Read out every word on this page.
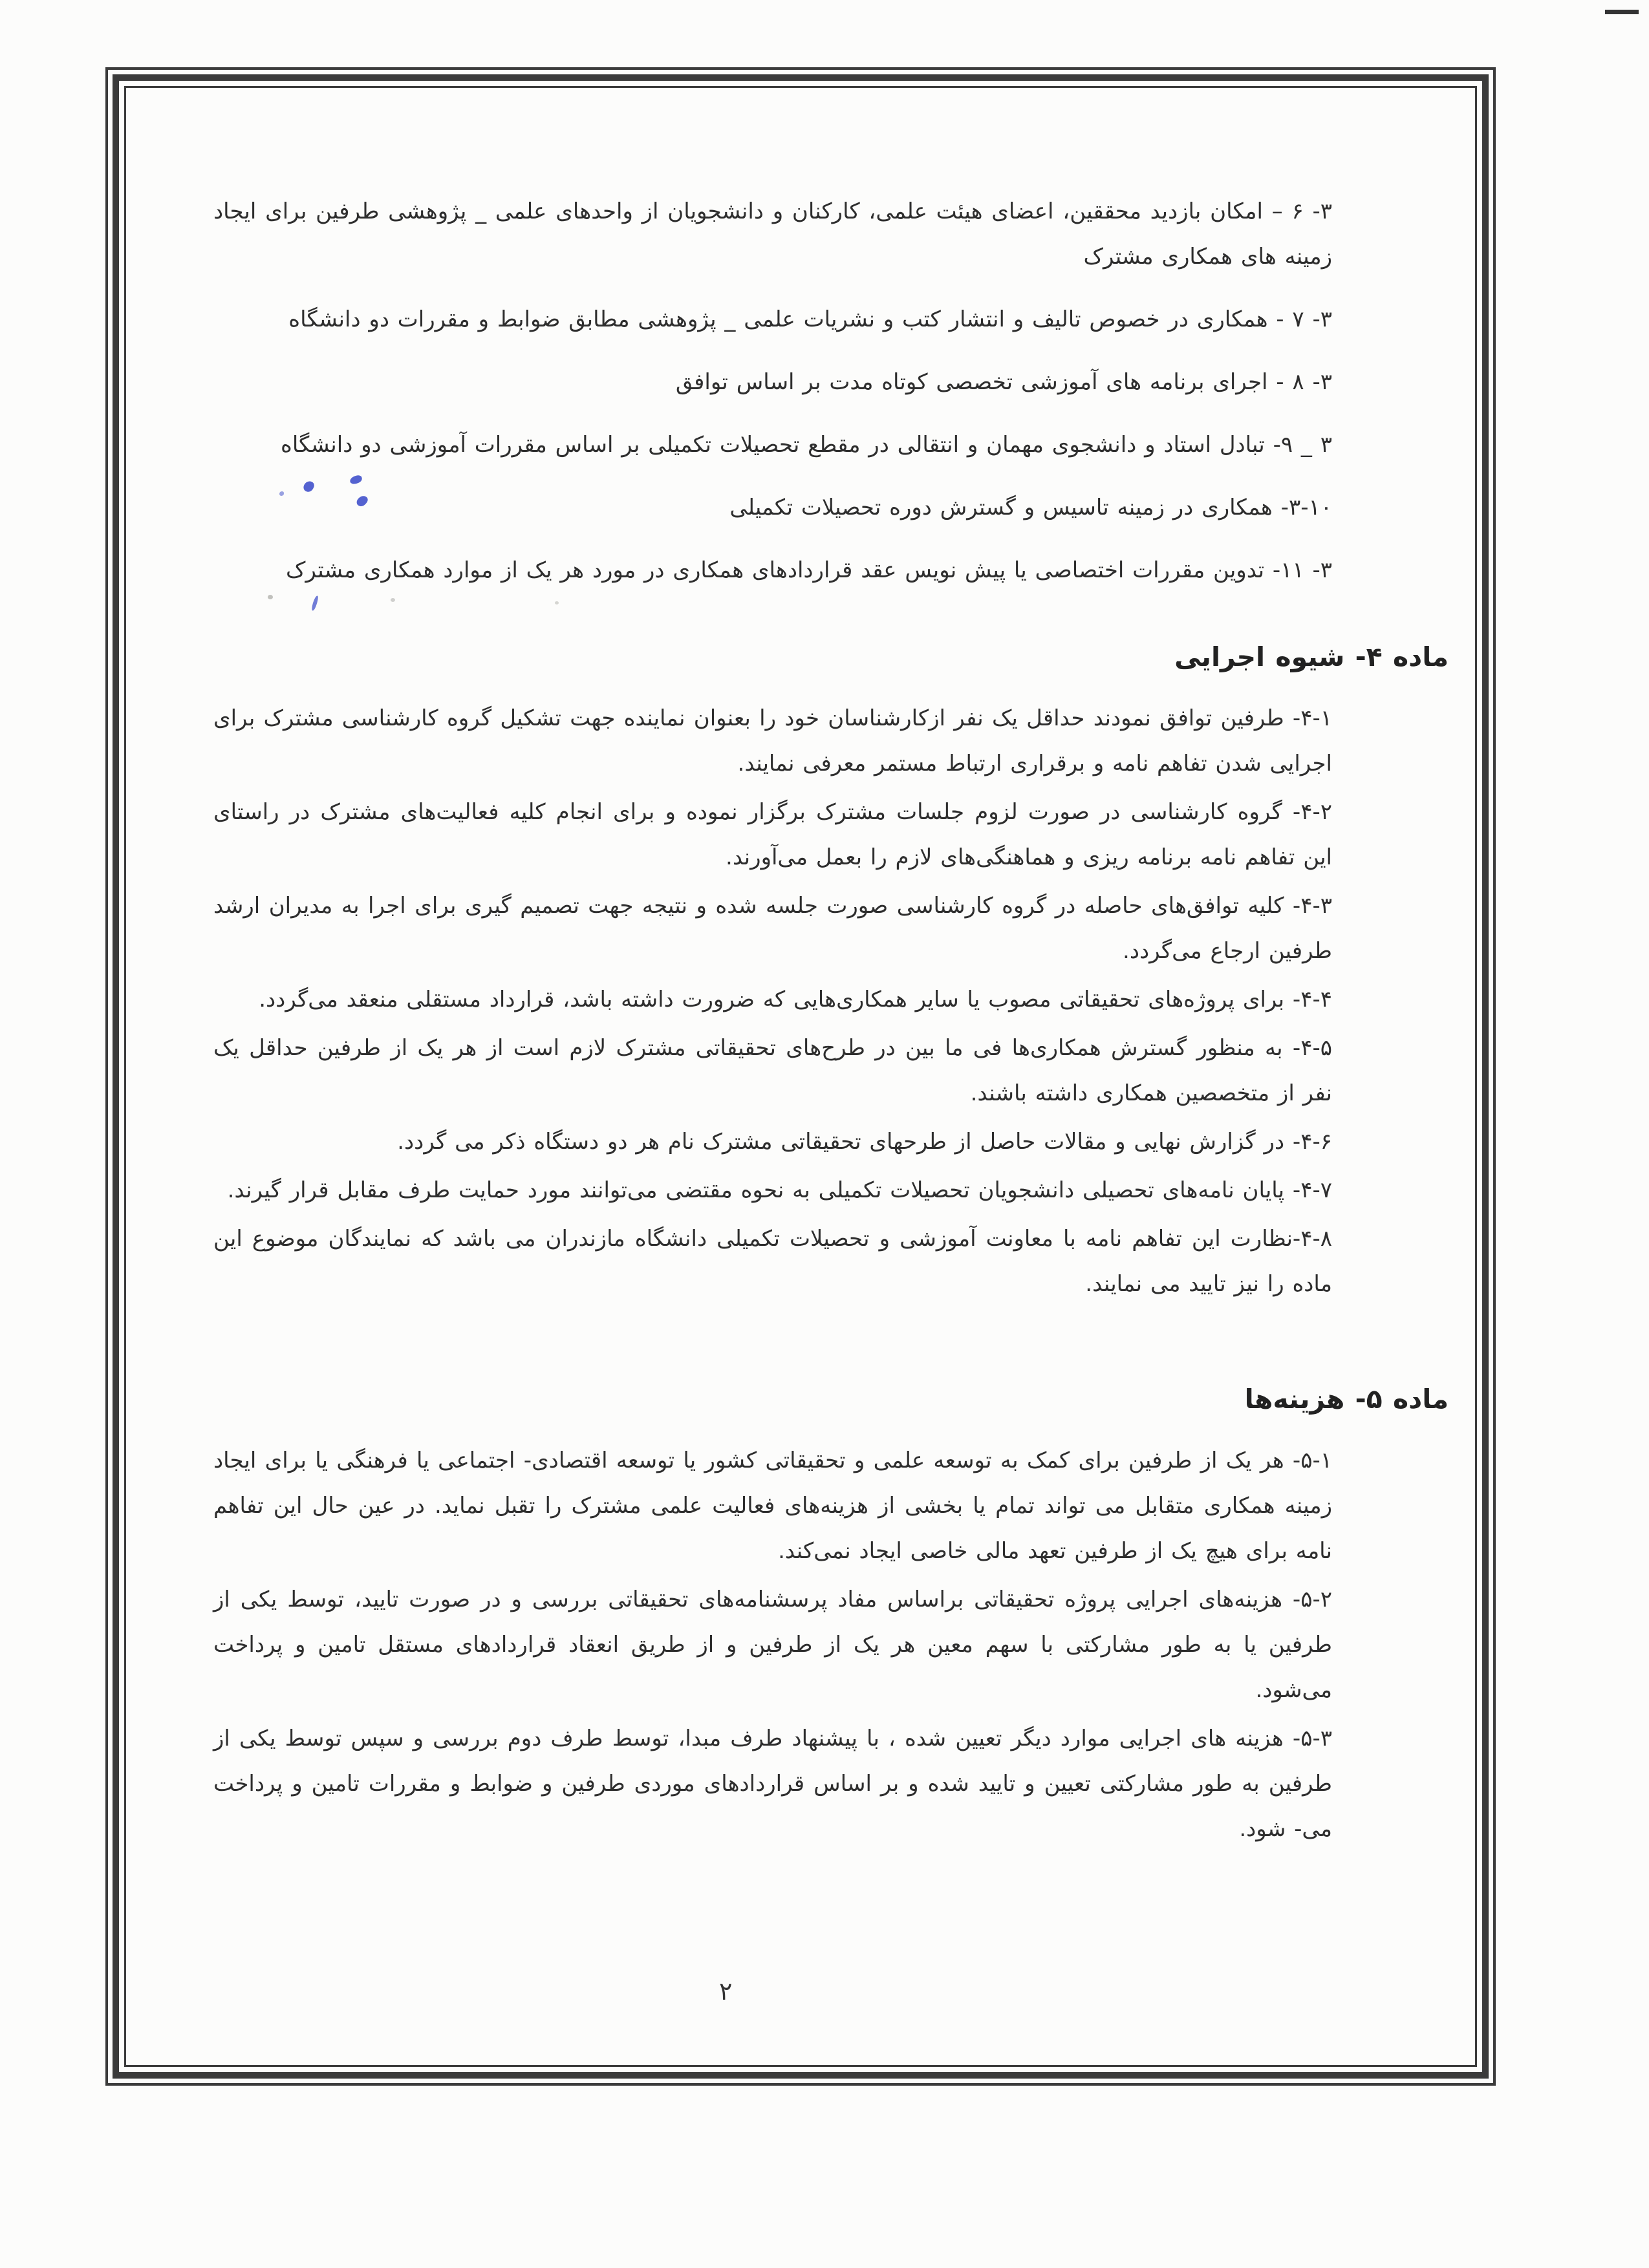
۳- ۶ – امکان بازدید محققین، اعضای هیئت علمی، کارکنان و دانشجویان از واحدهای علمی _ پژوهشی طرفین برای ایجاد زمینه های همکاری مشترک

۳- ۷ - همکاری در خصوص تالیف و انتشار کتب و نشریات علمی _ پژوهشی مطابق ضوابط و مقررات دو دانشگاه

۳- ۸ - اجرای برنامه های آموزشی تخصصی کوتاه مدت بر اساس توافق

۳ _ ۹- تبادل استاد و دانشجوی مهمان و انتقالی در مقطع تحصیلات تکمیلی بر اساس مقررات آموزشی دو دانشگاه

۳-۱۰- همکاری در زمینه تاسیس و گسترش دوره تحصیلات تکمیلی

۳- ۱۱- تدوین مقررات اختصاصی یا پیش نویس عقد قراردادهای همکاری در مورد هر یک از موارد همکاری مشترک

ماده ۴- شیوه اجرایی

۴-۱- طرفین توافق نمودند حداقل یک نفر ازکارشناسان خود را بعنوان نماینده جهت تشکیل گروه کارشناسی مشترک برای اجرایی شدن تفاهم نامه و برقراری ارتباط مستمر معرفی نمایند.

۴-۲- گروه کارشناسی در صورت لزوم جلسات مشترک برگزار نموده و برای انجام کلیه فعالیت‌های مشترک در راستای این تفاهم نامه برنامه ریزی و هماهنگی‌های لازم را بعمل می‌آورند.

۴-۳- کلیه توافق‌های حاصله در گروه کارشناسی صورت جلسه شده و نتیجه جهت تصمیم گیری برای اجرا به مدیران ارشد طرفین ارجاع می‌گردد.

۴-۴- برای پروژه‌های تحقیقاتی مصوب یا سایر همکاری‌هایی که ضرورت داشته باشد، قرارداد مستقلی منعقد می‌گردد.

۴-۵- به منظور گسترش همکاری‌ها فی ما بین در طرح‌های تحقیقاتی مشترک لازم است از هر یک از طرفین حداقل یک نفر از متخصصین همکاری داشته باشند.

۴-۶- در گزارش نهایی و مقالات حاصل از طرحهای تحقیقاتی مشترک نام هر دو دستگاه ذکر می گردد.

۴-۷- پایان نامه‌های تحصیلی دانشجویان تحصیلات تکمیلی به نحوه مقتضی می‌توانند مورد حمایت طرف مقابل قرار گیرند.

۴-۸-نظارت این تفاهم نامه با معاونت آموزشی و تحصیلات تکمیلی دانشگاه مازندران می باشد که نمایندگان موضوع این ماده را نیز تایید می نمایند.

ماده ۵- هزینه‌ها

۵-۱- هر یک از طرفین برای کمک به توسعه علمی و تحقیقاتی کشور یا توسعه اقتصادی- اجتماعی یا فرهنگی یا برای ایجاد زمینه همکاری متقابل می تواند تمام یا بخشی از هزینه‌های فعالیت علمی مشترک را تقبل نماید. در عین حال این تفاهم نامه برای هیچ یک از طرفین تعهد مالی خاصی ایجاد نمی‌کند.

۵-۲- هزینه‌های اجرایی پروژه تحقیقاتی براساس مفاد پرسشنامه‌های تحقیقاتی بررسی و در صورت تایید، توسط یکی از طرفین یا به طور مشارکتی با سهم معین هر یک از طرفین و از طریق انعقاد قراردادهای مستقل تامین و پرداخت می‌شود.

۵-۳- هزینه های اجرایی موارد دیگر تعیین شده ، با پیشنهاد طرف مبدا، توسط طرف دوم بررسی و سپس توسط یکی از طرفین به طور مشارکتی تعیین و تایید شده و بر اساس قراردادهای موردی طرفین و ضوابط و مقررات تامین و پرداخت می- شود.

۲
